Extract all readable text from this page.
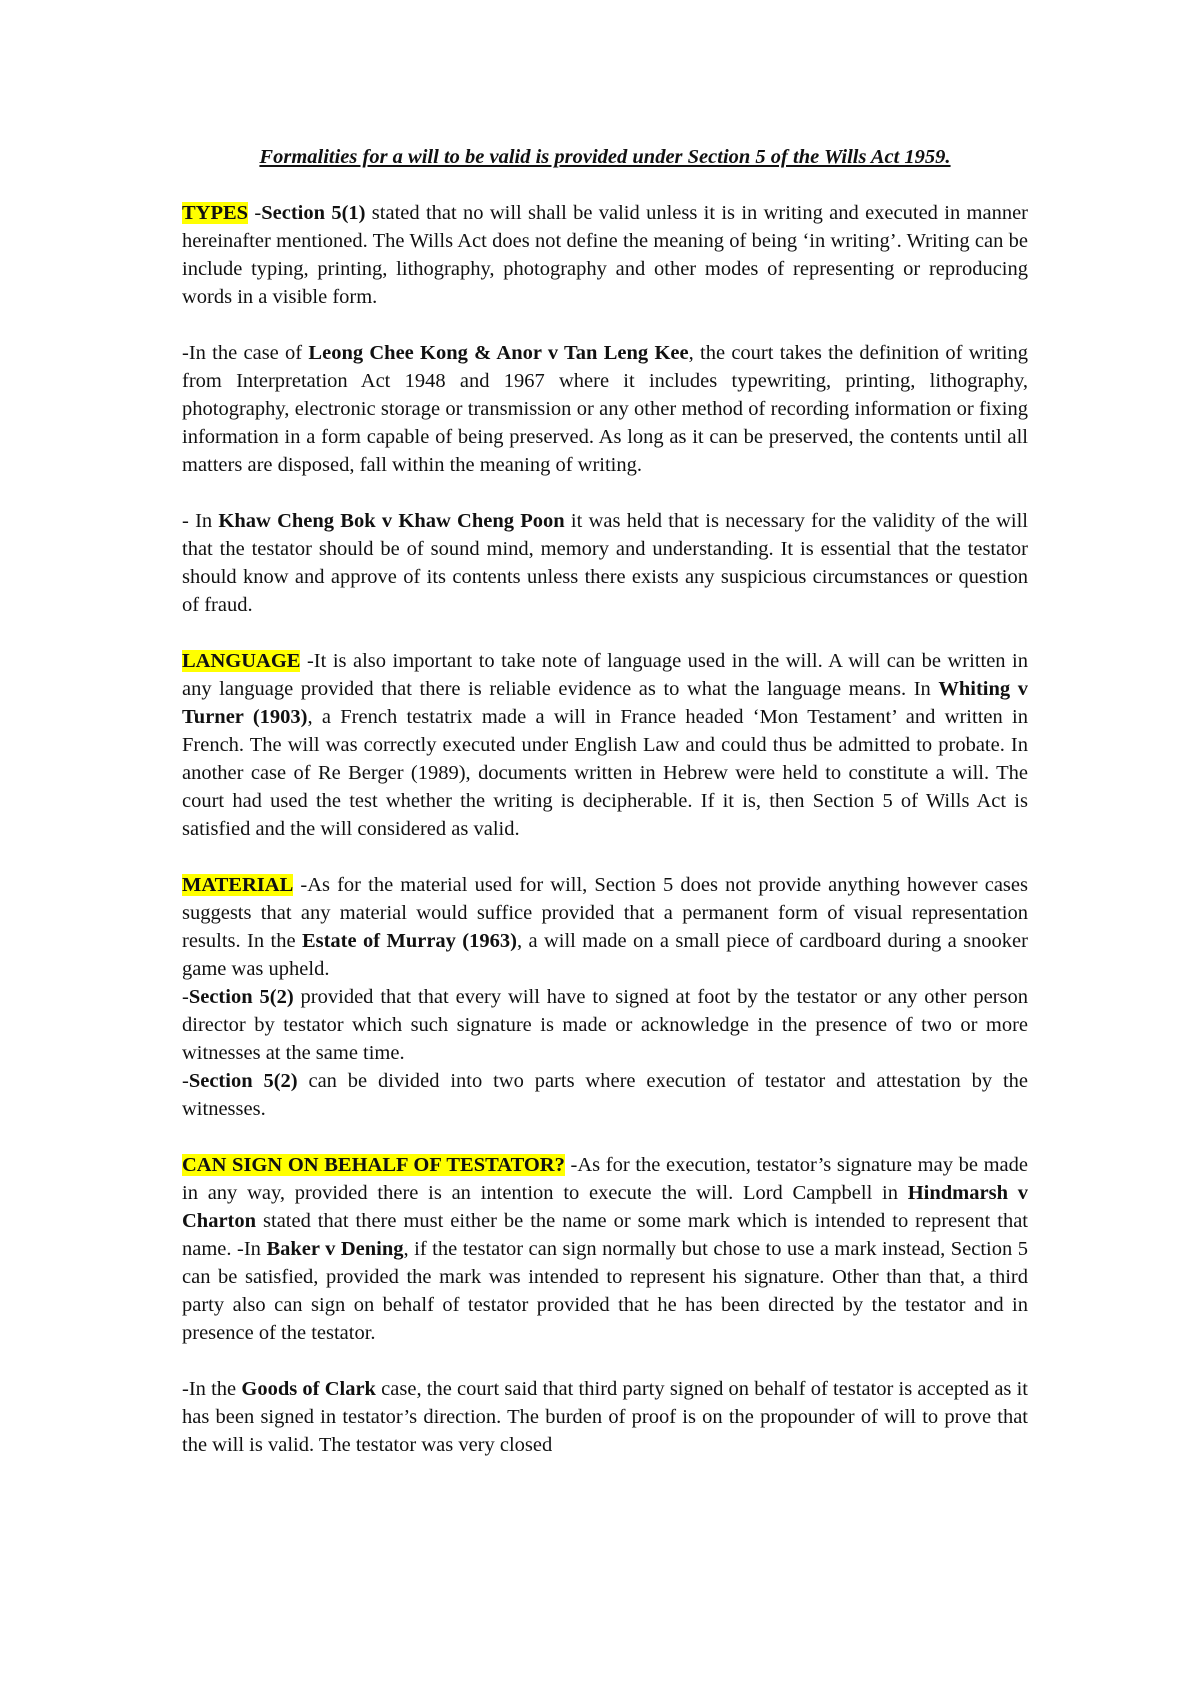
Formalities for a will to be valid is provided under Section 5 of the Wills Act 1959.

TYPES -Section 5(1) stated that no will shall be valid unless it is in writing and executed in manner hereinafter mentioned. The Wills Act does not define the meaning of being ‘in writing’. Writing can be include typing, printing, lithography, photography and other modes of representing or reproducing words in a visible form.

-In the case of Leong Chee Kong & Anor v Tan Leng Kee, the court takes the definition of writing from Interpretation Act 1948 and 1967 where it includes typewriting, printing, lithography, photography, electronic storage or transmission or any other method of recording information or fixing information in a form capable of being preserved. As long as it can be preserved, the contents until all matters are disposed, fall within the meaning of writing.

- In Khaw Cheng Bok v Khaw Cheng Poon it was held that is necessary for the validity of the will that the testator should be of sound mind, memory and understanding. It is essential that the testator should know and approve of its contents unless there exists any suspicious circumstances or question of fraud.

LANGUAGE -It is also important to take note of language used in the will. A will can be written in any language provided that there is reliable evidence as to what the language means. In Whiting v Turner (1903), a French testatrix made a will in France headed ‘Mon Testament’ and written in French. The will was correctly executed under English Law and could thus be admitted to probate. In another case of Re Berger (1989), documents written in Hebrew were held to constitute a will. The court had used the test whether the writing is decipherable. If it is, then Section 5 of Wills Act is satisfied and the will considered as valid.

MATERIAL -As for the material used for will, Section 5 does not provide anything however cases suggests that any material would suffice provided that a permanent form of visual representation results. In the Estate of Murray (1963), a will made on a small piece of cardboard during a snooker game was upheld.

-Section 5(2) provided that that every will have to signed at foot by the testator or any other person director by testator which such signature is made or acknowledge in the presence of two or more witnesses at the same time.

-Section 5(2) can be divided into two parts where execution of testator and attestation by the witnesses.

CAN SIGN ON BEHALF OF TESTATOR? -As for the execution, testator’s signature may be made in any way, provided there is an intention to execute the will. Lord Campbell in Hindmarsh v Charton stated that there must either be the name or some mark which is intended to represent that name. -In Baker v Dening, if the testator can sign normally but chose to use a mark instead, Section 5 can be satisfied, provided the mark was intended to represent his signature. Other than that, a third party also can sign on behalf of testator provided that he has been directed by the testator and in presence of the testator.

-In the Goods of Clark case, the court said that third party signed on behalf of testator is accepted as it has been signed in testator’s direction. The burden of proof is on the propounder of will to prove that the will is valid. The testator was very closed
